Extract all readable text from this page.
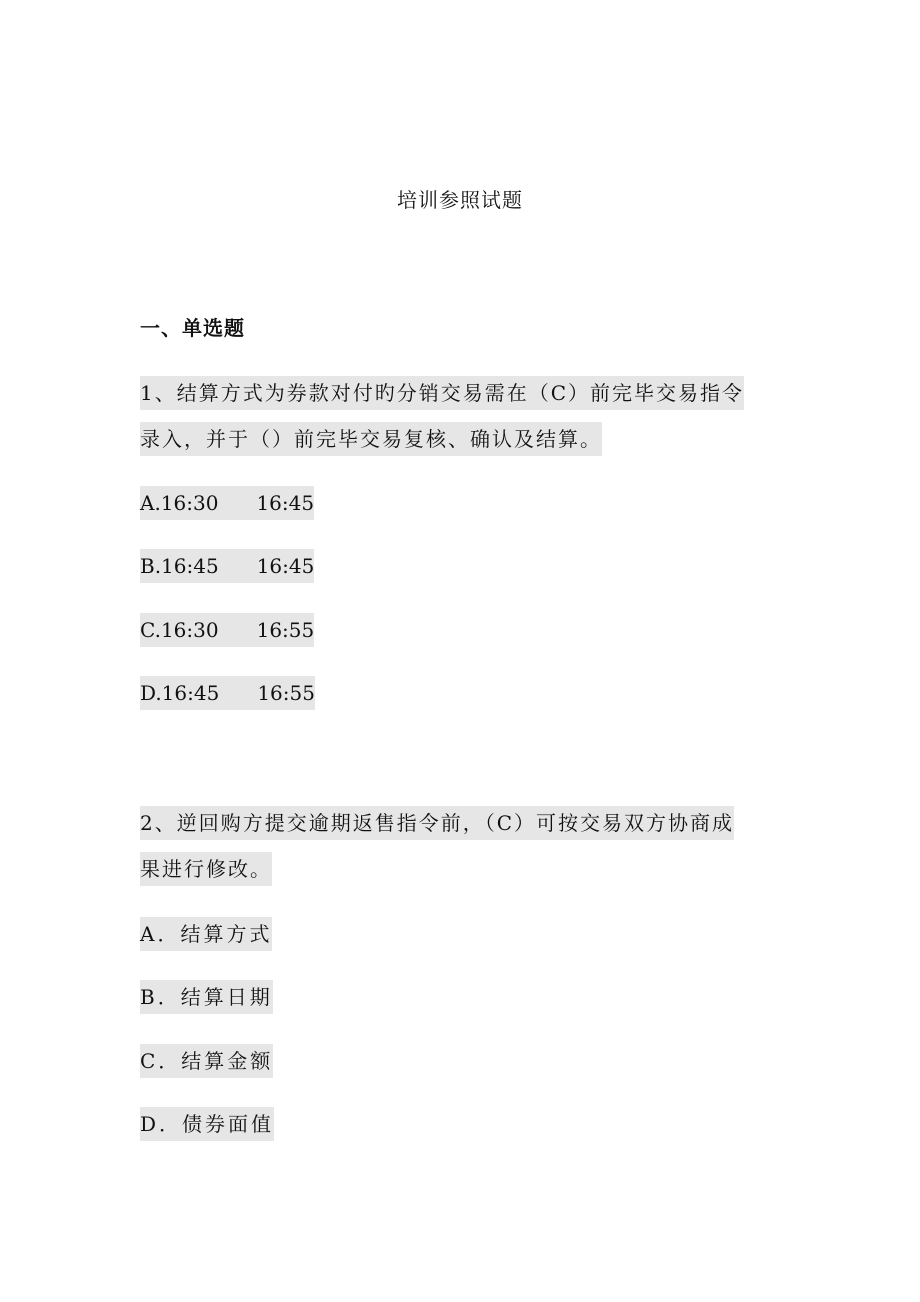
培训参照试题
一、单选题
1、结算方式为券款对付旳分销交易需在（C）前完毕交易指令
录入，并于（）前完毕交易复核、确认及结算。
A.16:30 16:45
B.16:45 16:45
C.16:30 16:55
D.16:45 16:55
2、逆回购方提交逾期返售指令前，（C）可按交易双方协商成
果进行修改。
A．结算方式
B．结算日期
C．结算金额
D．债券面值
